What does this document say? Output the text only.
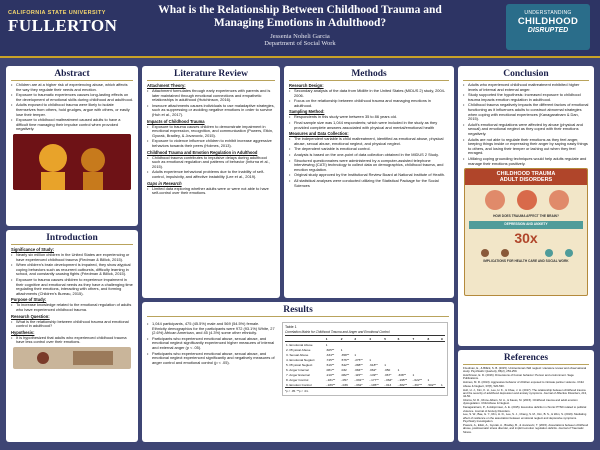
CALIFORNIA STATE UNIVERSITY
FULLERTON
What is the Relationship Between Childhood Trauma and Managing Emotions in Adulthood?
Jessenia Noheli Garcia
Department of Social Work
UNDERSTANDING
CHILDHOOD
DISRUPTED
Abstract
• Children are at a higher risk of experiencing abuse, which affects the way they regulate their needs and emotion.
• Exposure to traumatic experiences causes long-lasting effects on the development of emotional skills during childhood and adulthood.
• Adults exposed to childhood trauma were likely to isolate themselves from others, hold grudges, argue with others, or easily lose their temper.
• Exposure to childhood maltreatment caused adults to have a difficult time managing their impulse control when provoked negatively.
Introduction
Significance of Study:
• Nearly six million children in the United States are experiencing or have experienced childhood trauma (Fiedman & Billick, 2015).
• When children's brain development is impaired, they show atypical coping behaviors such as recurrent outbursts, difficulty learning in school, and constantly causing fights (Friedman & Billick, 2015).
• Exposure to trauma causes children to experience impairment in their cognitive and emotional needs as they have a challenging time regulating their emotions, interacting with others, and forming attachments (Children's Bureau, 2015).
Purpose of Study:
• To increase knowledge related to the emotional regulation of adults who have experienced childhood trauma.
Research Question:
• What is the relationship between childhood trauma and emotional control in adulthood?
Hypothesis:
• It is hypothesized that adults who experienced childhood trauma have less control over their emotions.
Literature Review
Attachment Theory:
• Attachment formulates through early experiences with parents and is later maintained through emotional connections and empathetic relationships in adulthood (Hutchinson, 2016).
• Insecure attachments causes individuals to use maladaptive strategies, such as suppressing or avoiding negative emotions in order to survive (Huh et al., 2017).
Impacts of Childhood Trauma
• Exposure to trauma causes children to demonstrate impairment in emotional expression, recognition, and communication (Powers, Etkin, Gyurak, Bradley, & Jovanovic, 2015).
• Exposure to violence influence children to exhibit increase aggressive behaviors towards their peers (Holmes, 2013).
Childhood Trauma and Emotion Regulation in Adulthood
• Childhood trauma contributes to impulsive delays during adulthood such as emotional regulation and patterns of behavior (Infurna et al., 2015).
• Adults experience behavioral problems due to the inability of self-control, impulsivity, and affective instability (Lee et al., 2019).
Gaps in Research
• Limited data exploring whether adults were or were not able to have self-control over their emotions.
Methods
Research Design:
• Secondary analysis of the data from Midlife in the United States (MIDUS 2) study, 2004-2006.
• Focus on the relationship between childhood trauma and managing emotions in adulthood.
Sampling Method:
• Respondents in this study were between 35 to 86 years old.
• Final sample size was 1,044 respondents; which were included in the study as they provided complete answers associated with physical and mental/emotional health
Measures and Data Collection:
• The independent variable is child maltreatment, identified as emotional abuse, physical abuse, sexual abuse, emotional neglect, and physical neglect.
• The dependent variable is emotional control.
• Analysis is based on the one-point of data collection obtained in the MIDUS 2 Study.
• Structured questionnaires were administered by a computer-assisted telephone interviewing (CATI) technology to collect data on demographics, childhood trauma, and emotion regulation.
• Original study approved by the Institutional Review Board at National Institute of Health.
• All statistical analyses were conducted utilizing the Statistical Package for the Social Sciences
Results
• 1,044 participants, 475 (45.5%) male and 569 (54.5%) female. Ethnicity demographics for the participants were 972 (93.1%) White, 27 (2.6%) African American, and 45 (4.3%) some other ethnicity.
• Participants who experienced emotional abuse, sexual abuse, and emotional neglect significantly experienced higher measures of internal and external anger (p < .05).
• Participants who experienced emotional abuse, sexual abuse, and emotional neglect experienced significantly and negatively measures of anger control and emotional control (p < .05).
Table 1
Correlation Matrix for Childhood Trauma and Anger and Emotional Control
	1	2	3	4	5	6	7	8	9
1. Emotional Abuse	1								
2. Physical Abuse	.605**	1							
3. Sexual Abuse	.334**	.358**	1						
4. Emotional Neglect	.745**	.576**	.275**	1					
5. Physical Neglect	.516**	.542**	.288**	.618**	1				
6. Anger Internal	.081**	.032	.084**	.062*	.050	1			
7. Anger External	.210**	.082**	.115**	.149**	.067*	.338**	1		
8. Anger Control	-.181**	-.057	-.091**	-.177**	-.064*	-.195**	-.622**	1	
9. Emotion Control	-.189**	-.036	-.062*	-.195**	-.013	-.382**	-.397**	.502**	1
*p < .05. **p < .01.
Conclusion
• Adults who experienced childhood maltreatment exhibited higher levels of internal and external anger.
• Study supported the hypothesis: increased exposure to childhood trauma impacts emotion regulation in adulthood.
• Childhood trauma negatively impacts the different factors of emotional functioning as it influences adults to construct abnormal strategies when coping with emotional experiences (Kanagaratnam & Dan, 2015).
• Adult's emotional regulations were affected by abuse (physical and sexual) and emotional neglect as they coped with their emotions negatively.
• Adults are not able to regulate their emotions as they feel anger, keeping things inside or expressing their anger by saying nasty things to others, and losing their temper or lashing out when they feel enraged.
• Utilizing coping grounding techniques would help adults regulate and manage their emotions positively.
CHILDHOOD TRAUMA
ADULT DISORDERS
HOW DOES TRAUMA AFFECT THE BRAIN?
DEPRESSION AND ANXIETY
30x
IMPLICATIONS FOR HEALTH CARE AND SOCIAL WORK
References

Friedman, E., & Billick, S. B. (2015). Unintentional child neglect: Literature review and observational study. Psychiatric Quarterly, 86(2), 253-259.

Hutchinson, E. D. (2016). Dimensions of human behavior: Person and environment. Sage Publications.

Holmes, M. R. (2013). Aggressive behavior of children exposed to intimate partner violence. Child Abuse & Neglect, 37(8), 520-530.

Huh, H. J., Kim, K. H., Lee, H. K., & Chae, J. H. (2017). The relationship between childhood trauma and the severity of adulthood depression and anxiety symptoms. Journal of Affective Disorders, 213, 44-50.

Infurna, M. R., Rinne-Albers, M. A., & Kaess, M. (2015). Childhood trauma and adult emotion dysregulation. Child Abuse & Neglect.

Kanagaratnam, P., & Asbjornsen, A. E. (2015). Executive deficits in chronic PTSD related to political violence. Journal of Anxiety Disorders.

Lee, S. W., Bae, G. Y., Rim, H. D., Lee, S. J., Chang, S. M., Kim, B. S., & Won, S. (2019). Mediating effect of resilience on the association between emotional neglect and depressive symptoms. Psychiatry Investigation.

Powers, A., Etkin, A., Gyurak, A., Bradley, B., & Jovanovic, T. (2015). Associations between childhood abuse, posttraumatic stress disorder, and implicit emotion regulation deficits. Journal of Traumatic Stress.
